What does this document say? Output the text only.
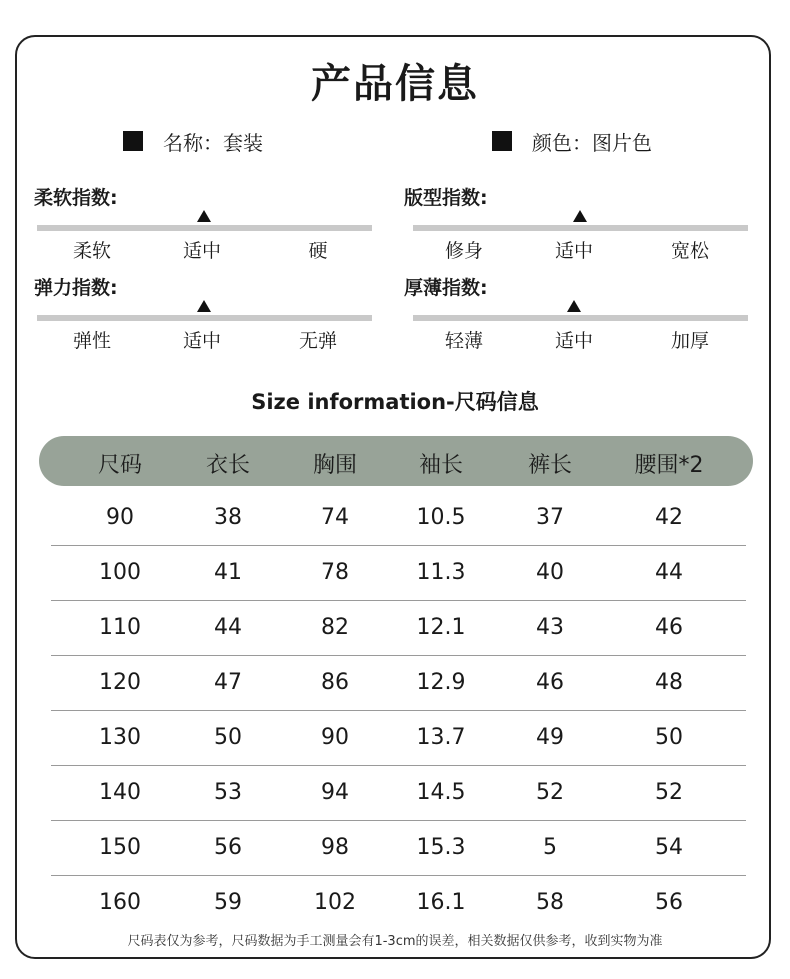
产品信息
名称：套装	颜色：图片色
柔软指数:
柔软	适中	硬
版型指数:
修身	适中	宽松
弹力指数:
弹性	适中	无弹
厚薄指数:
轻薄	适中	加厚
Size information-尺码信息
尺码	衣长	胸围	袖长	裤长	腰围*2
90	38	74	10.5	37	42
100	41	78	11.3	40	44
110	44	82	12.1	43	46
120	47	86	12.9	46	48
130	50	90	13.7	49	50
140	53	94	14.5	52	52
150	56	98	15.3	5	54
160	59	102	16.1	58	56
尺码表仅为参考，尺码数据为手工测量会有1-3cm的误差，相关数据仅供参考，收到实物为准
